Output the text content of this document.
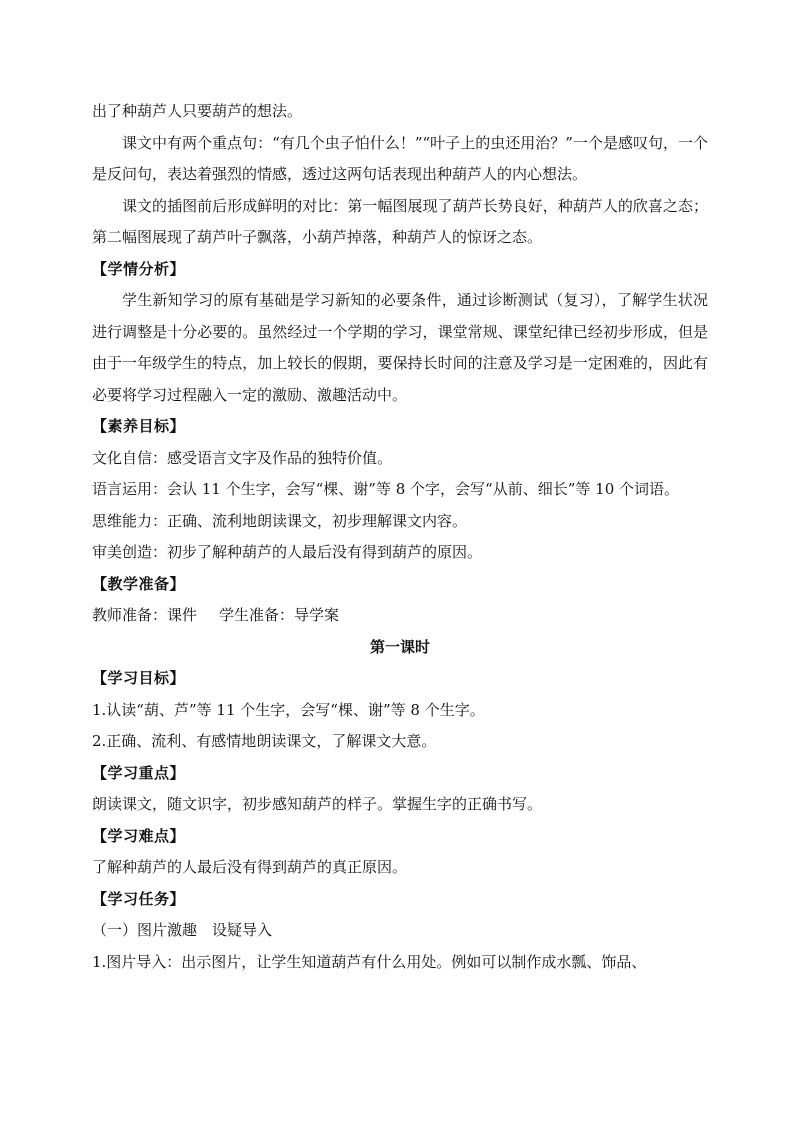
出了种葫芦人只要葫芦的想法。

课文中有两个重点句：“有几个虫子怕什么！”“叶子上的虫还用治？”一个是感叹句，一个是反问句，表达着强烈的情感，透过这两句话表现出种葫芦人的内心想法。

课文的插图前后形成鲜明的对比：第一幅图展现了葫芦长势良好，种葫芦人的欣喜之态；第二幅图展现了葫芦叶子飘落，小葫芦掉落，种葫芦人的惊讶之态。

【学情分析】

学生新知学习的原有基础是学习新知的必要条件，通过诊断测试（复习），了解学生状况进行调整是十分必要的。虽然经过一个学期的学习，课堂常规、课堂纪律已经初步形成，但是由于一年级学生的特点，加上较长的假期，要保持长时间的注意及学习是一定困难的，因此有必要将学习过程融入一定的激励、激趣活动中。

【素养目标】

文化自信：感受语言文字及作品的独特价值。

语言运用：会认 11 个生字，会写“棵、谢”等 8 个字，会写“从前、细长”等 10 个词语。

思维能力：正确、流利地朗读课文，初步理解课文内容。

审美创造：初步了解种葫芦的人最后没有得到葫芦的原因。

【教学准备】

教师准备：课件 学生准备：导学案

第一课时

【学习目标】

1.认读“葫、芦”等 11 个生字，会写“棵、谢”等 8 个生字。

2.正确、流利、有感情地朗读课文，了解课文大意。

【学习重点】

朗读课文，随文识字，初步感知葫芦的样子。掌握生字的正确书写。

【学习难点】

了解种葫芦的人最后没有得到葫芦的真正原因。

【学习任务】

（一）图片激趣　设疑导入

1.图片导入：出示图片，让学生知道葫芦有什么用处。例如可以制作成水瓢、饰品、
